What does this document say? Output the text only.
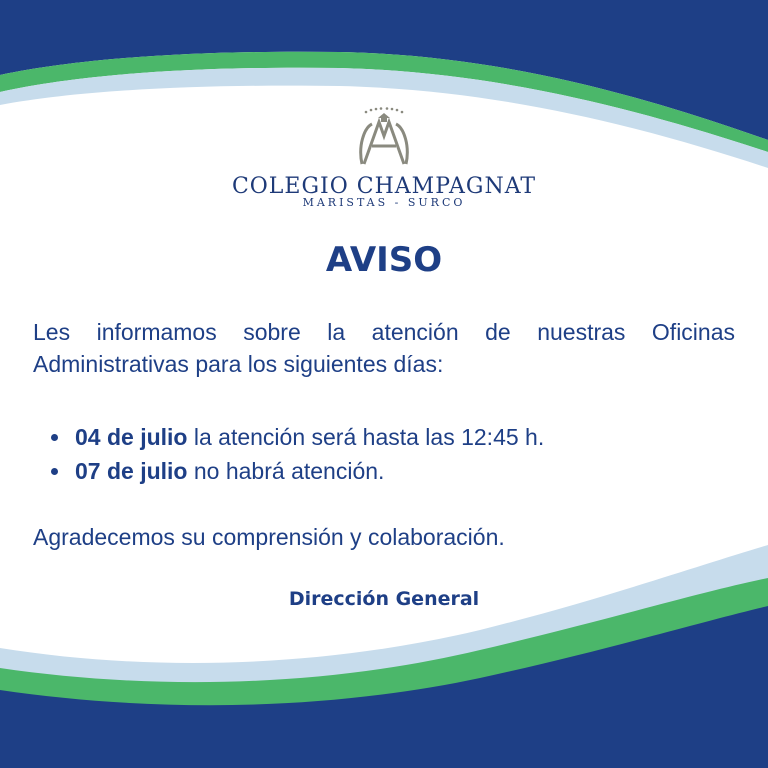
COLEGIO CHAMPAGNAT
MARISTAS - SURCO
AVISO
Les informamos sobre la atención de nuestras Oficinas Administrativas para los siguientes días:
04 de julio la atención será hasta las 12:45 h.
07 de julio no habrá atención.
Agradecemos su comprensión y colaboración.
Dirección General
